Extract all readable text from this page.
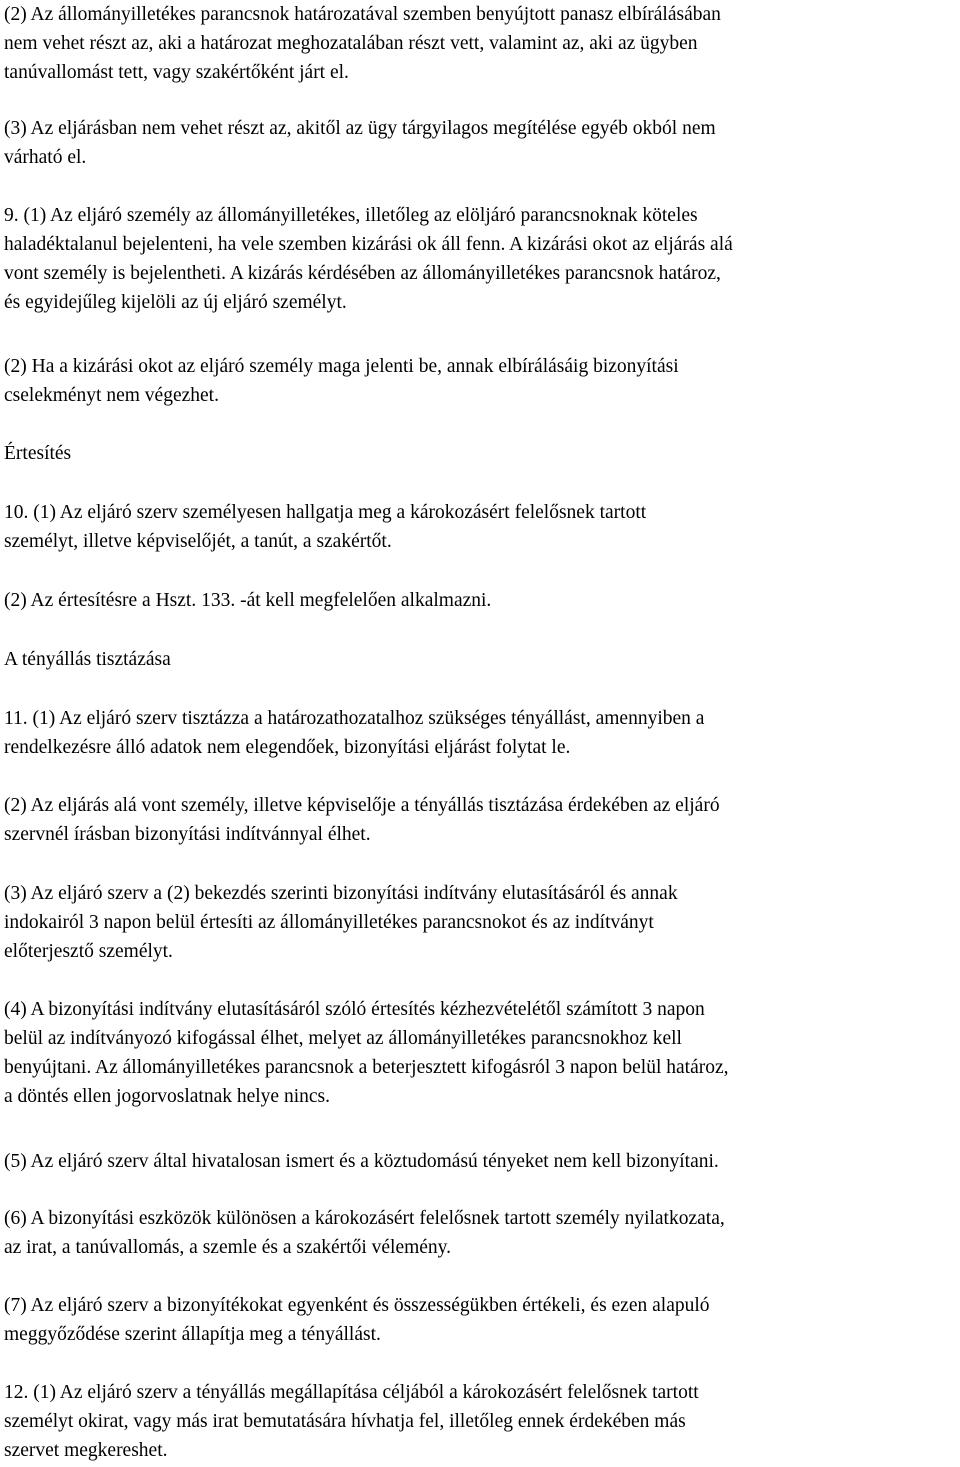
(2) Az állományilletékes parancsnok határozatával szemben benyújtott panasz elbírálásában
nem vehet részt az, aki a határozat meghozatalában részt vett, valamint az, aki az ügyben
tanúvallomást tett, vagy szakértőként járt el.

(3) Az eljárásban nem vehet részt az, akitől az ügy tárgyilagos megítélése egyéb okból nem
várható el.

9. (1) Az eljáró személy az állományilletékes, illetőleg az elöljáró parancsnoknak köteles
haladéktalanul bejelenteni, ha vele szemben kizárási ok áll fenn. A kizárási okot az eljárás alá
vont személy is bejelentheti. A kizárás kérdésében az állományilletékes parancsnok határoz,
és egyidejűleg kijelöli az új eljáró személyt.

(2) Ha a kizárási okot az eljáró személy maga jelenti be, annak elbírálásáig bizonyítási
cselekményt nem végezhet.

Értesítés

10. (1) Az eljáró szerv személyesen hallgatja meg a károkozásért felelősnek tartott
személyt, illetve képviselőjét, a tanút, a szakértőt.

(2) Az értesítésre a Hszt. 133. -át kell megfelelően alkalmazni.

A tényállás tisztázása

11. (1) Az eljáró szerv tisztázza a határozathozatalhoz szükséges tényállást, amennyiben a
rendelkezésre álló adatok nem elegendőek, bizonyítási eljárást folytat le.

(2) Az eljárás alá vont személy, illetve képviselője a tényállás tisztázása érdekében az eljáró
szervnél írásban bizonyítási indítvánnyal élhet.

(3) Az eljáró szerv a (2) bekezdés szerinti bizonyítási indítvány elutasításáról és annak
indokairól 3 napon belül értesíti az állományilletékes parancsnokot és az indítványt
előterjesztő személyt.

(4) A bizonyítási indítvány elutasításáról szóló értesítés kézhezvételétől számított 3 napon
belül az indítványozó kifogással élhet, melyet az állományilletékes parancsnokhoz kell
benyújtani. Az állományilletékes parancsnok a beterjesztett kifogásról 3 napon belül határoz,
a döntés ellen jogorvoslatnak helye nincs.

(5) Az eljáró szerv által hivatalosan ismert és a köztudomású tényeket nem kell bizonyítani.

(6) A bizonyítási eszközök különösen a károkozásért felelősnek tartott személy nyilatkozata,
az irat, a tanúvallomás, a szemle és a szakértői vélemény.

(7) Az eljáró szerv a bizonyítékokat egyenként és összességükben értékeli, és ezen alapuló
meggyőződése szerint állapítja meg a tényállást.

12. (1) Az eljáró szerv a tényállás megállapítása céljából a károkozásért felelősnek tartott
személyt okirat, vagy más irat bemutatására hívhatja fel, illetőleg ennek érdekében más
szervet megkereshet.
